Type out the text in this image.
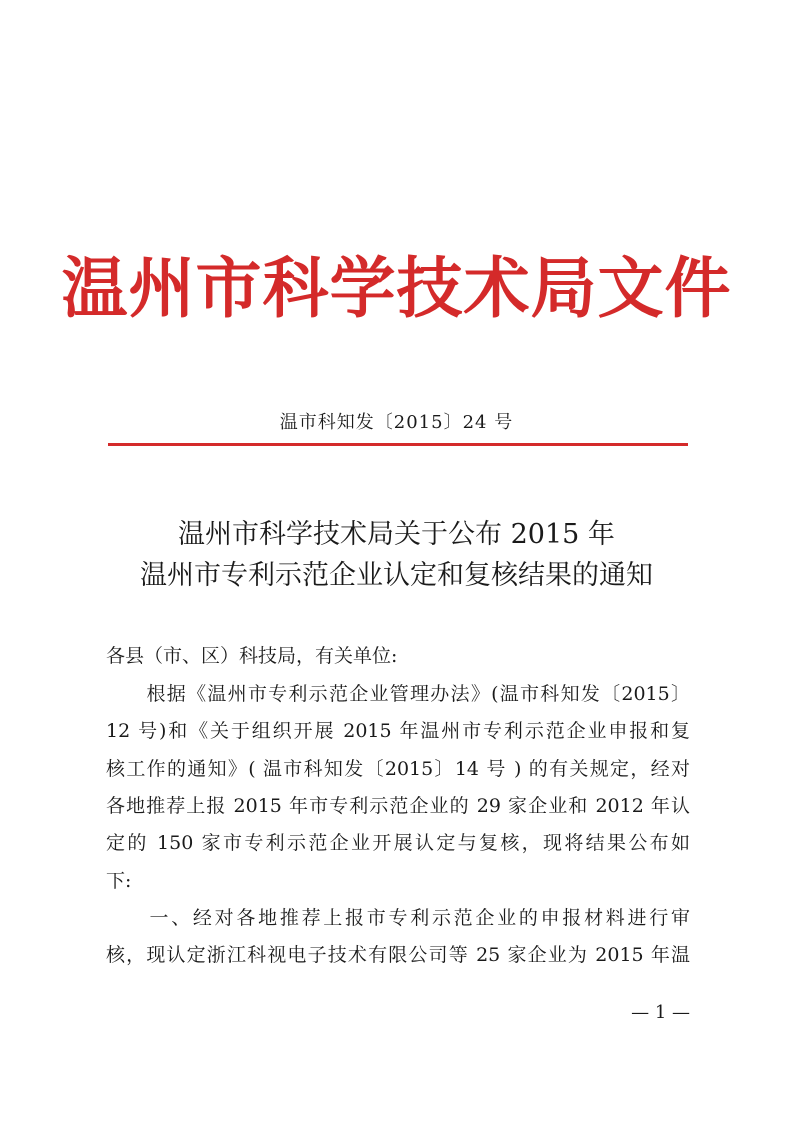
温州市科学技术局文件
温市科知发〔2015〕24 号
温州市科学技术局关于公布 2015 年
温州市专利示范企业认定和复核结果的通知
各县（市、区）科技局，有关单位:
　　根据《温州市专利示范企业管理办法》(温市科知发〔2015〕
12 号)和《关于组织开展 2015 年温州市专利示范企业申报和复
核工作的通知》( 温市科知发〔2015〕14 号 ) 的有关规定，经对
各地推荐上报 2015 年市专利示范企业的 29 家企业和 2012 年认
定的 150 家市专利示范企业开展认定与复核，现将结果公布如
下:
　　一、经对各地推荐上报市专利示范企业的申报材料进行审
核，现认定浙江科视电子技术有限公司等 25 家企业为 2015 年温
— 1 —
